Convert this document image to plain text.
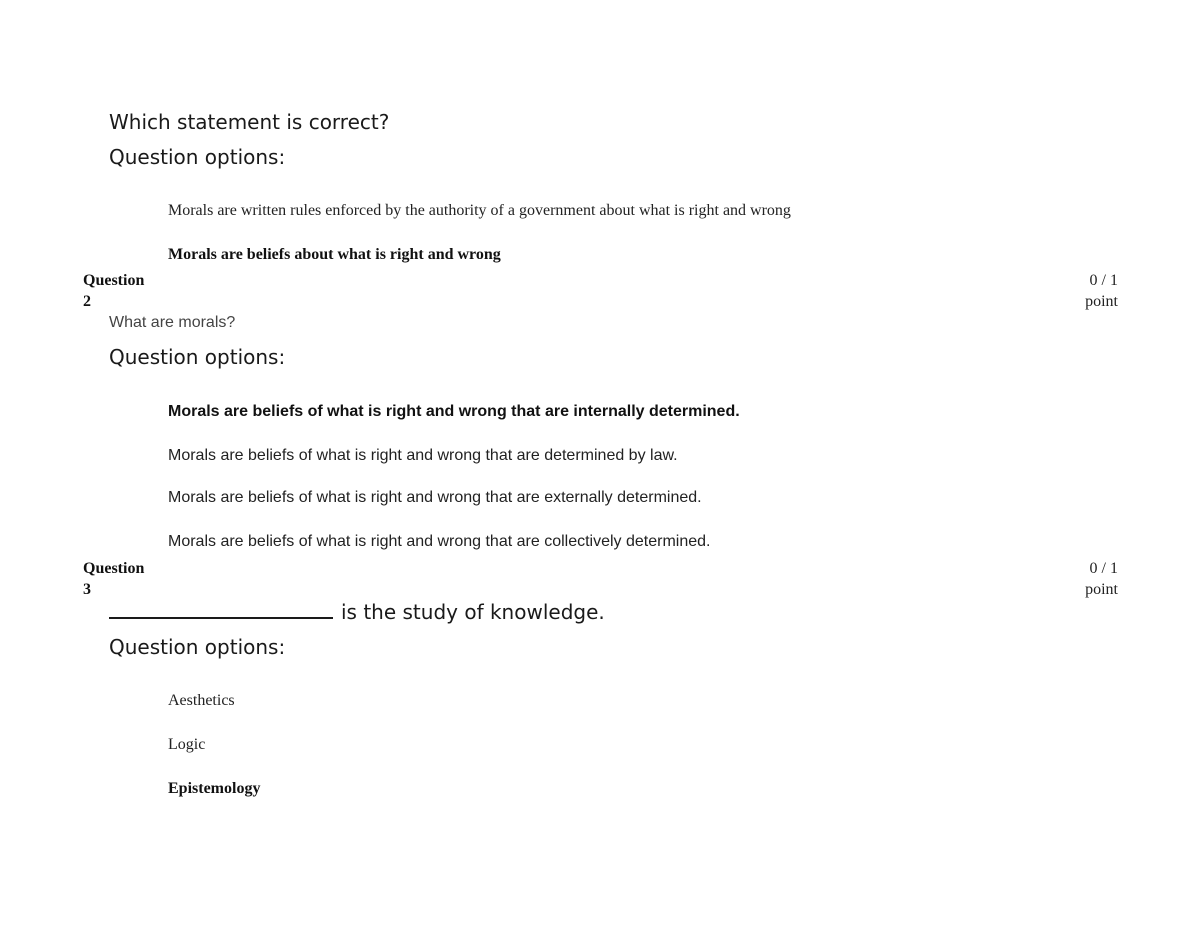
Which statement is correct?
Question options:
Morals are written rules enforced by the authority of a government about what is right and wrong
Morals are beliefs about what is right and wrong
Question
2
0 / 1
point
What are morals?
Question options:
Morals are beliefs of what is right and wrong that are internally determined.
Morals are beliefs of what is right and wrong that are determined by law.
Morals are beliefs of what is right and wrong that are externally determined.
Morals are beliefs of what is right and wrong that are collectively determined.
Question
3
0 / 1
point
is the study of knowledge.
Question options:
Aesthetics
Logic
Epistemology
